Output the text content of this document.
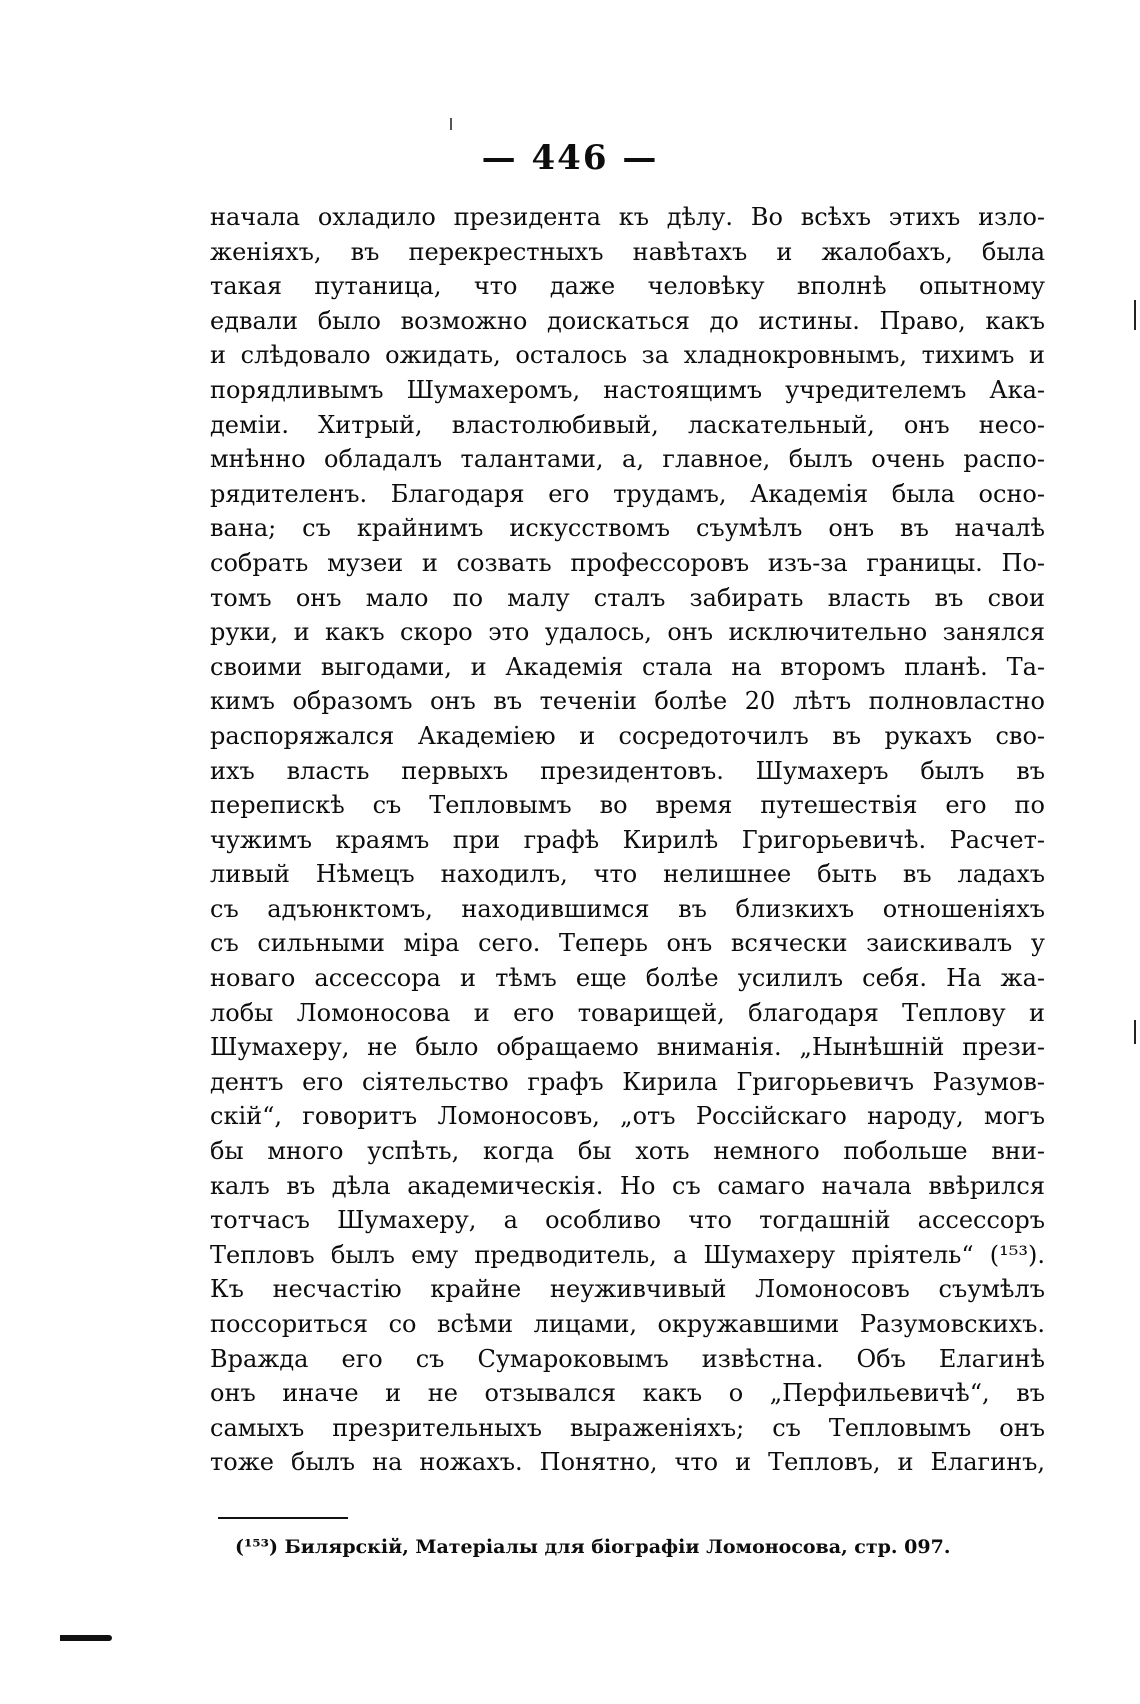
— 446 —
начала охладило президента къ дѣлу. Во всѣхъ этихъ изло-
женіяхъ, въ перекрестныхъ навѣтахъ и жалобахъ, была
такая путаница, что даже человѣку вполнѣ опытному
едвали было возможно доискаться до истины. Право, какъ
и слѣдовало ожидать, осталось за хладнокровнымъ, тихимъ и
порядливымъ Шумахеромъ, настоящимъ учредителемъ Ака-
деміи. Хитрый, властолюбивый, ласкательный, онъ несо-
мнѣнно обладалъ талантами, а, главное, былъ очень распо-
рядителенъ. Благодаря его трудамъ, Академія была осно-
вана; съ крайнимъ искусствомъ съумѣлъ онъ въ началѣ
собрать музеи и созвать профессоровъ изъ-за границы. По-
томъ онъ мало по малу сталъ забирать власть въ свои
руки, и какъ скоро это удалось, онъ исключительно занялся
своими выгодами, и Академія стала на второмъ планѣ. Та-
кимъ образомъ онъ въ теченіи болѣе 20 лѣтъ полновластно
распоряжался Академіею и сосредоточилъ въ рукахъ сво-
ихъ власть первыхъ президентовъ. Шумахеръ былъ въ
перепискѣ съ Тепловымъ во время путешествія его по
чужимъ краямъ при графѣ Кирилѣ Григорьевичѣ. Расчет-
ливый Нѣмецъ находилъ, что нелишнее быть въ ладахъ
съ адъюнктомъ, находившимся въ близкихъ отношеніяхъ
съ сильными міра сего. Теперь онъ всячески заискивалъ у
новаго ассессора и тѣмъ еще болѣе усилилъ себя. На жа-
лобы Ломоносова и его товарищей, благодаря Теплову и
Шумахеру, не было обращаемо вниманія. „Нынѣшній прези-
дентъ его сіятельство графъ Кирила Григорьевичъ Разумов-
скій“, говоритъ Ломоносовъ, „отъ Россійскаго народу, могъ
бы много успѣть, когда бы хоть немного побольше вни-
калъ въ дѣла академическія. Но съ самаго начала ввѣрился
тотчасъ Шумахеру, а особливо что тогдашній ассессоръ
Тепловъ былъ ему предводитель, а Шумахеру пріятель“ (¹⁵³).
Къ несчастію крайне неуживчивый Ломоносовъ съумѣлъ
поссориться со всѣми лицами, окружавшими Разумовскихъ.
Вражда его съ Сумароковымъ извѣстна. Объ Елагинѣ
онъ иначе и не отзывался какъ о „Перфильевичѣ“, въ
самыхъ презрительныхъ выраженіяхъ; съ Тепловымъ онъ
тоже былъ на ножахъ. Понятно, что и Тепловъ, и Елагинъ,
(¹⁵³) Билярскій, Матеріалы для біографіи Ломоносова, стр. 097.
